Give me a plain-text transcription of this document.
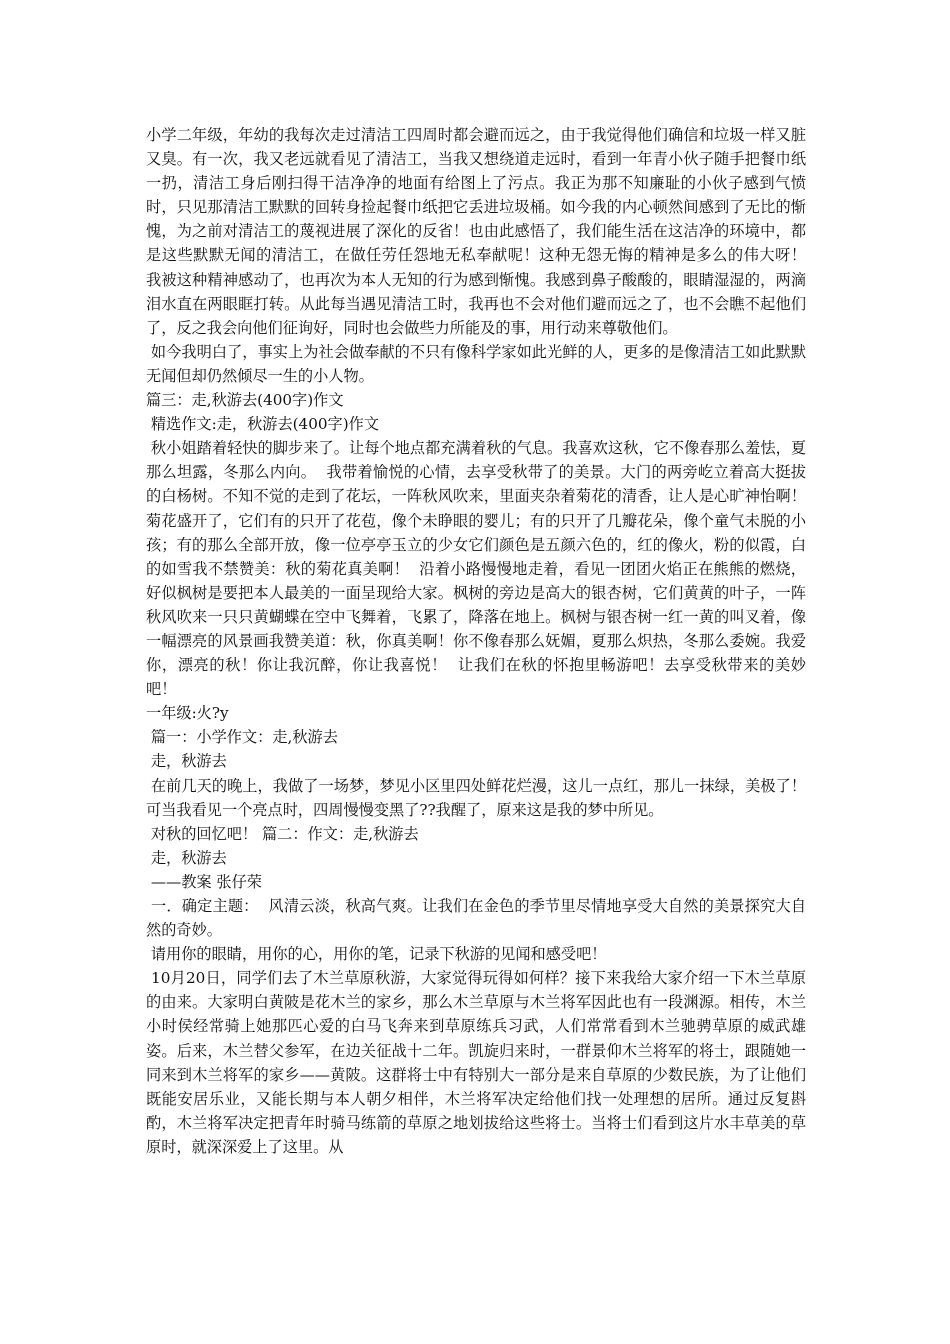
小学二年级，年幼的我每次走过清洁工四周时都会避而远之，由于我觉得他们确信和垃圾一样又脏又臭。有一次，我又老远就看见了清洁工，当我又想绕道走远时，看到一年青小伙子随手把餐巾纸一扔，清洁工身后刚扫得干洁净净的地面有给图上了污点。我正为那不知廉耻的小伙子感到气愤时，只见那清洁工默默的回转身捡起餐巾纸把它丢进垃圾桶。如今我的内心顿然间感到了无比的惭愧，为之前对清洁工的蔑视进展了深化的反省！也由此感悟了，我们能生活在这洁净的环境中，都是这些默默无闻的清洁工，在做任劳任怨地无私奉献呢！这种无怨无悔的精神是多么的伟大呀！  我被这种精神感动了，也再次为本人无知的行为感到惭愧。我感到鼻子酸酸的，眼睛湿湿的，两滴泪水直在两眼眶打转。从此每当遇见清洁工时，我再也不会对他们避而远之了，也不会瞧不起他们了，反之我会向他们征询好，同时也会做些力所能及的事，用行动来尊敬他们。

如今我明白了，事实上为社会做奉献的不只有像科学家如此光鲜的人，更多的是像清洁工如此默默无闻但却仍然倾尽一生的小人物。

篇三：走,秋游去(400字)作文

精选作文:走，秋游去(400字)作文

秋小姐踏着轻快的脚步来了。让每个地点都充满着秋的气息。我喜欢这秋，它不像春那么羞怯，夏那么坦露，冬那么内向。  我带着愉悦的心情，去享受秋带了的美景。大门的两旁屹立着高大挺拔的白杨树。不知不觉的走到了花坛，一阵秋风吹来，里面夹杂着菊花的清香，让人是心旷神怡啊！菊花盛开了，它们有的只开了花苞，像个未睁眼的婴儿；有的只开了几瓣花朵，像个童气未脱的小孩；有的那么全部开放，像一位亭亭玉立的少女它们颜色是五颜六色的，红的像火，粉的似霞，白的如雪我不禁赞美：秋的菊花真美啊！  沿着小路慢慢地走着，看见一团团火焰正在熊熊的燃烧，好似枫树是要把本人最美的一面呈现给大家。枫树的旁边是高大的银杏树，它们黄黄的叶子，一阵秋风吹来一只只黄蝴蝶在空中飞舞着，飞累了，降落在地上。枫树与银杏树一红一黄的叫叉着，像一幅漂亮的风景画我赞美道：秋，你真美啊！你不像春那么妩媚，夏那么炽热，冬那么委婉。我爱你，漂亮的秋！你让我沉醉，你让我喜悦！  让我们在秋的怀抱里畅游吧！去享受秋带来的美妙吧！

一年级:火?y

篇一：小学作文：走,秋游去

走，秋游去

在前几天的晚上，我做了一场梦，梦见小区里四处鲜花烂漫，这儿一点红，那儿一抹绿，美极了！可当我看见一个亮点时，四周慢慢变黑了??我醒了，原来这是我的梦中所见。

对秋的回忆吧！ 篇二：作文：走,秋游去

走，秋游去

——教案 张仔荣

一．确定主题：  风清云淡，秋高气爽。让我们在金色的季节里尽情地享受大自然的美景探究大自然的奇妙。

请用你的眼睛，用你的心，用你的笔，记录下秋游的见闻和感受吧！

10月20日，同学们去了木兰草原秋游，大家觉得玩得如何样？接下来我给大家介绍一下木兰草原的由来。大家明白黄陂是花木兰的家乡，那么木兰草原与木兰将军因此也有一段渊源。相传，木兰小时侯经常骑上她那匹心爱的白马飞奔来到草原练兵习武，人们常常看到木兰驰骋草原的威武雄姿。后来，木兰替父参军，在边关征战十二年。凯旋归来时，一群景仰木兰将军的将士，跟随她一同来到木兰将军的家乡——黄陂。这群将士中有特别大一部分是来自草原的少数民族，为了让他们既能安居乐业，又能长期与本人朝夕相伴，木兰将军决定给他们找一处理想的居所。通过反复斟酌，木兰将军决定把青年时骑马练箭的草原之地划拔给这些将士。当将士们看到这片水丰草美的草原时，就深深爱上了这里。从
